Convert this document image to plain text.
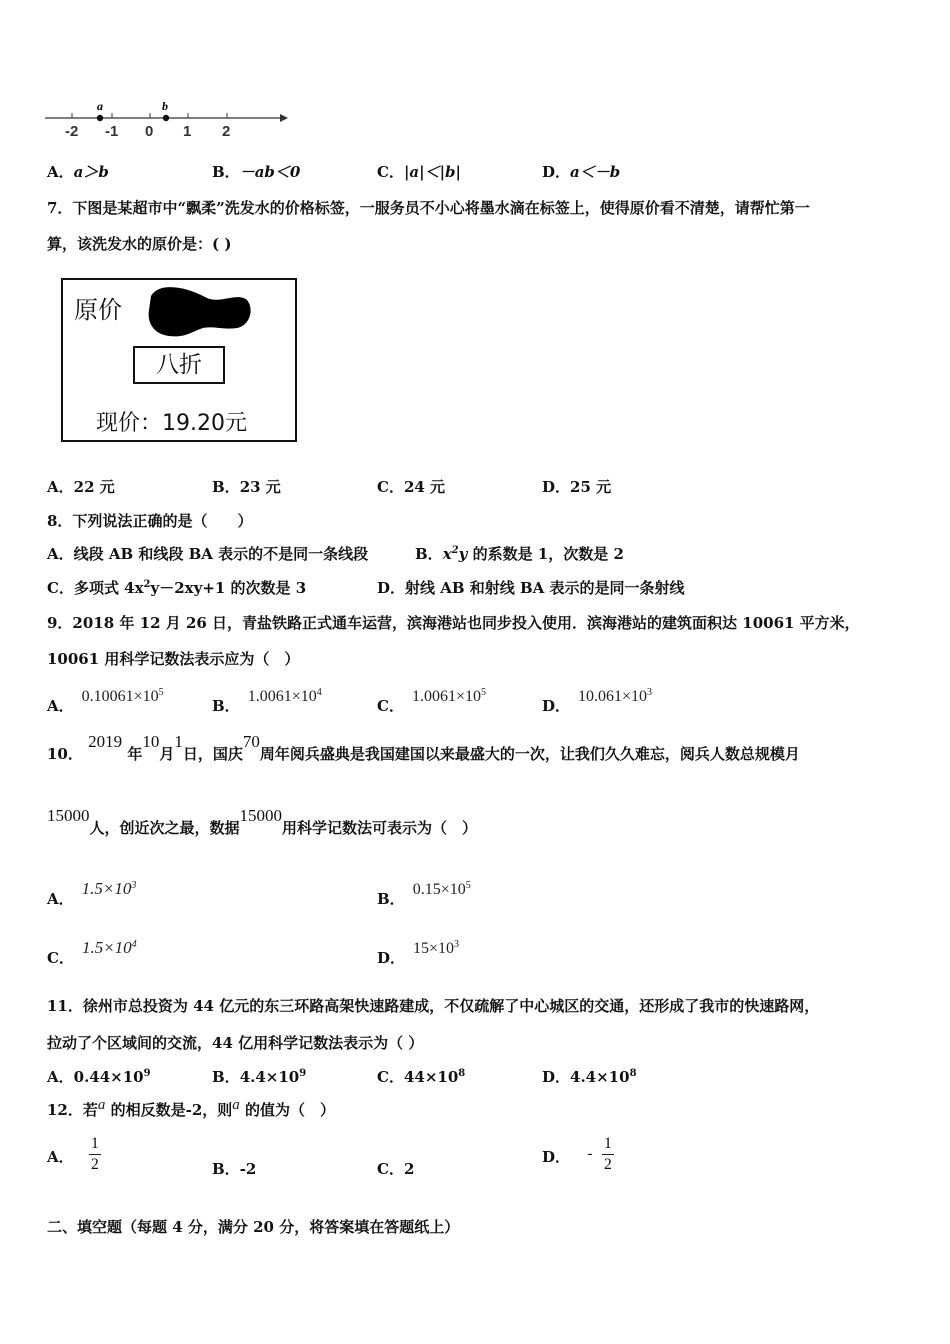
a	b
-2 -1 0 1 2
A．a＞b	B．－ab＜0	C．|a|＜|b|	D．a＜－b
7．下图是某超市中“飘柔”洗发水的价格标签，一服务员不小心将墨水滴在标签上，使得原价看不清楚，请帮忙第一
算，该洗发水的原价是：( )
原价
八折
现价：19.20元
A．22 元	B．23 元	C．24 元	D．25 元
8．下列说法正确的是（　　）
A．线段 AB 和线段 BA 表示的不是同一条线段	B．$x^2y$ 的系数是 1，次数是 2
C．多项式 $4x^2y-2xy+1$ 的次数是 3	D．射线 AB 和射线 BA 表示的是同一条射线
9．2018 年 12 月 26 日，青盐铁路正式通车运营，滨海港站也同步投入使用．滨海港站的建筑面积达 10061 平方米，
10061 用科学记数法表示应为（　）
A．$0.10061\times 10^5$
B．$1.0061\times 10^4$
C．$1.0061\times 10^5$
D．$10.061\times 10^3$
10． 2019 年10月1日，国庆70周年阅兵盛典是我国建国以来最盛大的一次，让我们久久难忘，阅兵人数总规模月
15000人，创近次之最，数据15000用科学记数法可表示为（　）
A．$1.5\times 10^3$
B．$0.15\times 10^5$
C．$1.5\times 10^4$
D．$15\times 10^3$
11．徐州市总投资为 44 亿元的东三环路高架快速路建成，不仅疏解了中心城区的交通，还形成了我市的快速路网，
拉动了个区域间的交流，44 亿用科学记数法表示为（ ）
A．$0.44\times 10^9$	B．$4.4\times 10^9$	C．$44\times 10^8$	D．$4.4\times 10^8$
12．若a 的相反数是-2，则a 的值为（　）
A． $\frac{1}{2}$	B．-2	C．2
D． - $\frac{1}{2}$
二、填空题（每题 4 分，满分 20 分，将答案填在答题纸上）
